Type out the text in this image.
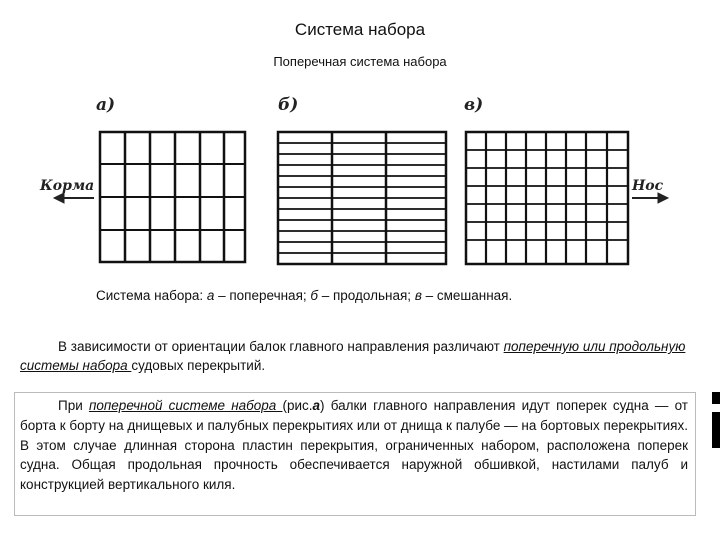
Система набора
Поперечная система набора
а)	б)	в)
Корма	Нос
Система набора: а – поперечная; б – продольная; в – смешанная.
В зависимости от ориентации балок главного направления различают поперечную или продольную системы набора судовых перекрытий.
При поперечной системе набора (рис.а) балки главного направления идут поперек судна — от борта к борту на днищевых и палубных перекрытиях или от днища к палубе — на бортовых перекрытиях. В этом случае длинная сторона пластин перекрытия, ограниченных набором, расположена поперек судна. Общая продольная прочность обеспечивается наружной обшивкой, настилами палуб и конструкцией вертикального киля.
